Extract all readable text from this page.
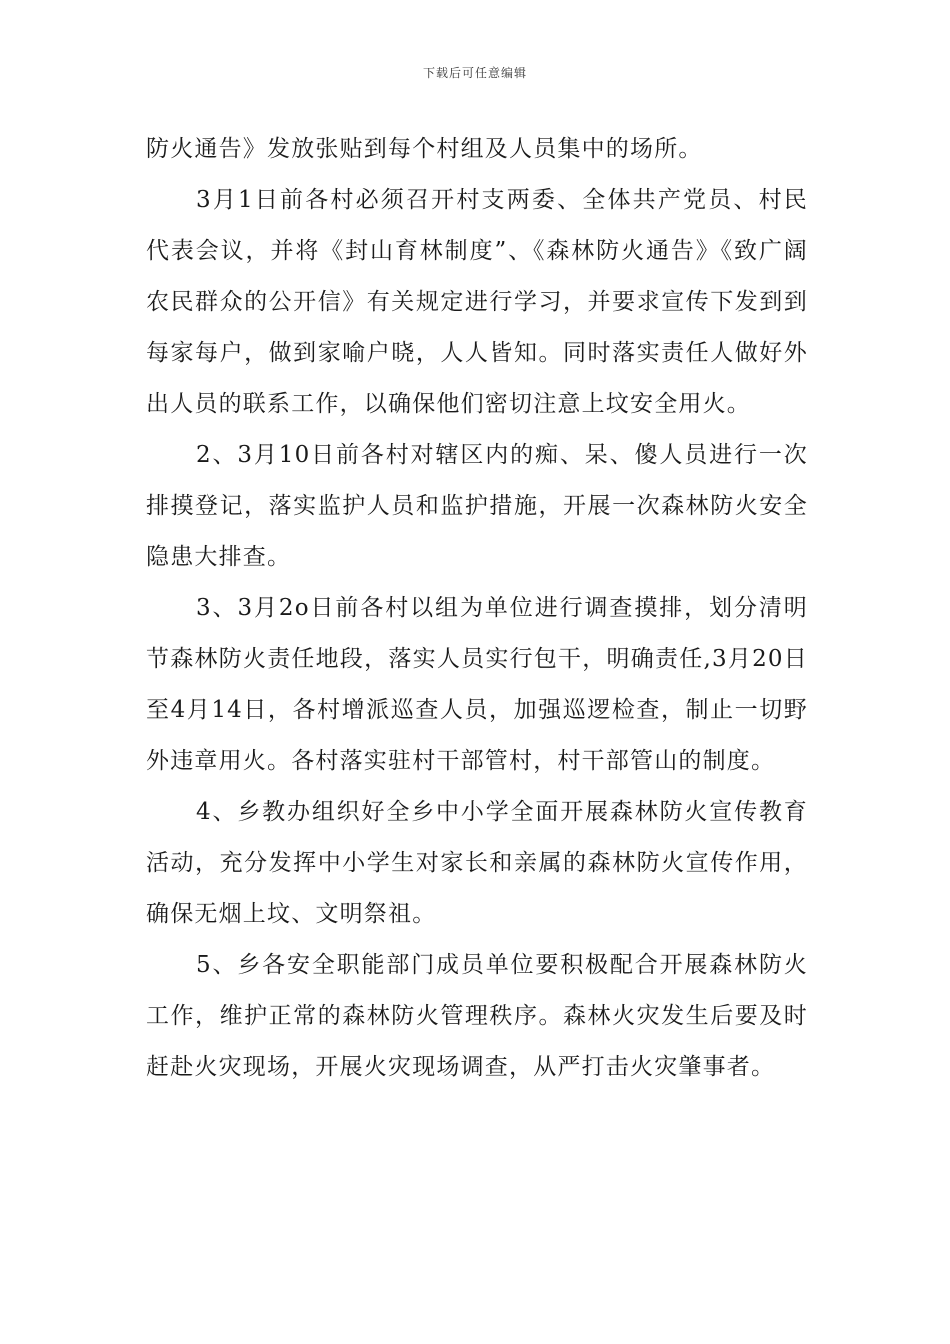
下载后可任意编辑

防火通告》发放张贴到每个村组及人员集中的场所。

3月1日前各村必须召开村支两委、全体共产党员、村民代表会议，并将《封山育林制度”、《森林防火通告》《致广阔农民群众的公开信》有关规定进行学习，并要求宣传下发到到每家每户，做到家喻户晓，人人皆知。同时落实责任人做好外出人员的联系工作，以确保他们密切注意上坟安全用火。

2、3月10日前各村对辖区内的痴、呆、傻人员进行一次排摸登记，落实监护人员和监护措施，开展一次森林防火安全隐患大排查。

3、3月2o日前各村以组为单位进行调查摸排，划分清明节森林防火责任地段，落实人员实行包干，明确责任,3月20日至4月14日，各村增派巡查人员，加强巡逻检查，制止一切野外违章用火。各村落实驻村干部管村，村干部管山的制度。

4、乡教办组织好全乡中小学全面开展森林防火宣传教育活动，充分发挥中小学生对家长和亲属的森林防火宣传作用，确保无烟上坟、文明祭祖。

5、乡各安全职能部门成员单位要积极配合开展森林防火工作，维护正常的森林防火管理秩序。森林火灾发生后要及时赶赴火灾现场，开展火灾现场调查，从严打击火灾肇事者。
